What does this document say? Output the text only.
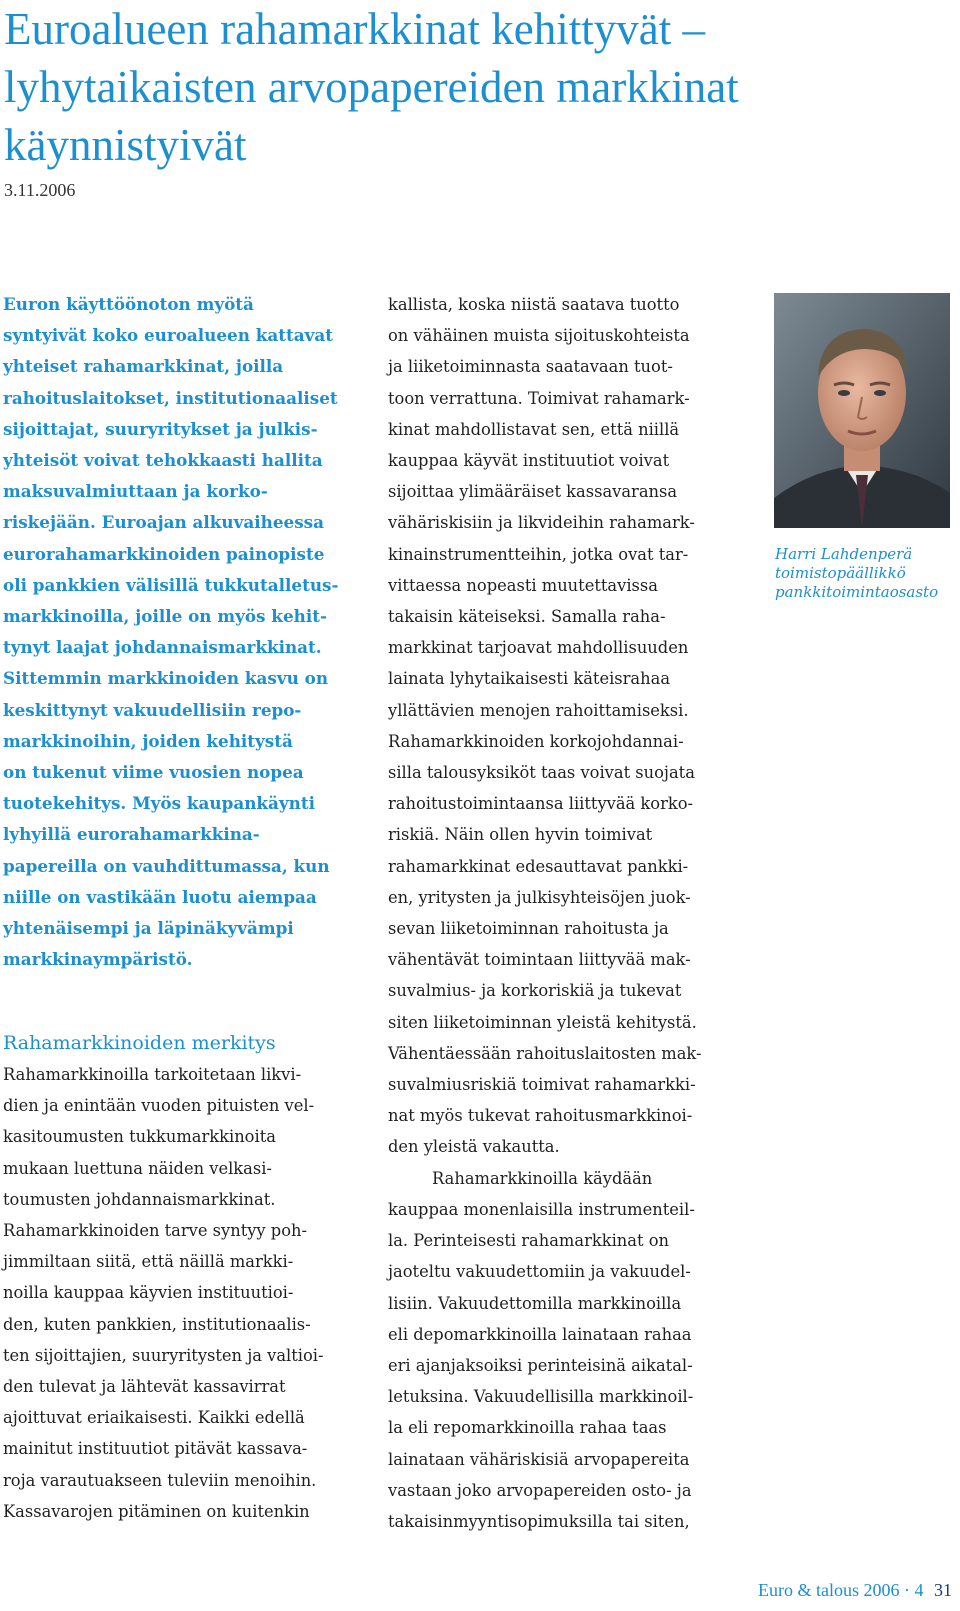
Euroalueen rahamarkkinat kehittyvät –
lyhytaikaisten arvopapereiden markkinat
käynnistyivät
3.11.2006
Euron käyttöönoton myötä
syntyivät koko euroalueen kattavat
yhteiset rahamarkkinat, joilla
rahoituslaitokset, institutionaaliset
sijoittajat, suuryritykset ja julkis-
yhteisöt voivat tehokkaasti hallita
maksuvalmiuttaan ja korko-
riskejään. Euroajan alkuvaiheessa
eurorahamarkkinoiden painopiste
oli pankkien välisillä tukkutalletus-
markkinoilla, joille on myös kehit-
tynyt laajat johdannaismarkkinat.
Sittemmin markkinoiden kasvu on
keskittynyt vakuudellisiin repo-
markkinoihin, joiden kehitystä
on tukenut viime vuosien nopea
tuotekehitys. Myös kaupankäynti
lyhyillä eurorahamarkkina-
papereilla on vauhdittumassa, kun
niille on vastikään luotu aiempaa
yhtenäisempi ja läpinäkyvämpi
markkinaympäristö.
Rahamarkkinoiden merkitys
Rahamarkkinoilla tarkoitetaan likvi-
dien ja enintään vuoden pituisten vel-
kasitoumusten tukkumarkkinoita
mukaan luettuna näiden velkasi-
toumusten johdannaismarkkinat.
Rahamarkkinoiden tarve syntyy poh-
jimmiltaan siitä, että näillä markki-
noilla kauppaa käyvien instituutioi-
den, kuten pankkien, institutionaalis-
ten sijoittajien, suuryritysten ja valtioi-
den tulevat ja lähtevät kassavirrat
ajoittuvat eriaikaisesti. Kaikki edellä
mainitut instituutiot pitävät kassava-
roja varautuakseen tuleviin menoihin.
Kassavarojen pitäminen on kuitenkin
kallista, koska niistä saatava tuotto
on vähäinen muista sijoituskohteista
ja liiketoiminnasta saatavaan tuot-
toon verrattuna. Toimivat rahamark-
kinat mahdollistavat sen, että niillä
kauppaa käyvät instituutiot voivat
sijoittaa ylimääräiset kassavaransa
vähäriskisiin ja likvideihin rahamark-
kinainstrumentteihin, jotka ovat tar-
vittaessa nopeasti muutettavissa
takaisin käteiseksi. Samalla raha-
markkinat tarjoavat mahdollisuuden
lainata lyhytaikaisesti käteisrahaa
yllättävien menojen rahoittamiseksi.
Rahamarkkinoiden korkojohdannai-
silla talousyksiköt taas voivat suojata
rahoitustoimintaansa liittyvää korko-
riskiä. Näin ollen hyvin toimivat
rahamarkkinat edesauttavat pankki-
en, yritysten ja julkisyhteisöjen juok-
sevan liiketoiminnan rahoitusta ja
vähentävät toimintaan liittyvää mak-
suvalmius- ja korkoriskiä ja tukevat
siten liiketoiminnan yleistä kehitystä.
Vähentäessään rahoituslaitosten mak-
suvalmiusriskiä toimivat rahamarkki-
nat myös tukevat rahoitusmarkkinoi-
den yleistä vakautta.
Rahamarkkinoilla käydään
kauppaa monenlaisilla instrumenteil-
la. Perinteisesti rahamarkkinat on
jaoteltu vakuudettomiin ja vakuudel-
lisiin. Vakuudettomilla markkinoilla
eli depomarkkinoilla lainataan rahaa
eri ajanjaksoiksi perinteisinä aikatal-
letuksina. Vakuudellisilla markkinoil-
la eli repomarkkinoilla rahaa taas
lainataan vähäriskisiä arvopapereita
vastaan joko arvopapereiden osto- ja
takaisinmyyntisopimuksilla tai siten,
Harri Lahdenperä
toimistopäällikkö
pankkitoimintaosasto
Euro & talous 2006 · 4 31
